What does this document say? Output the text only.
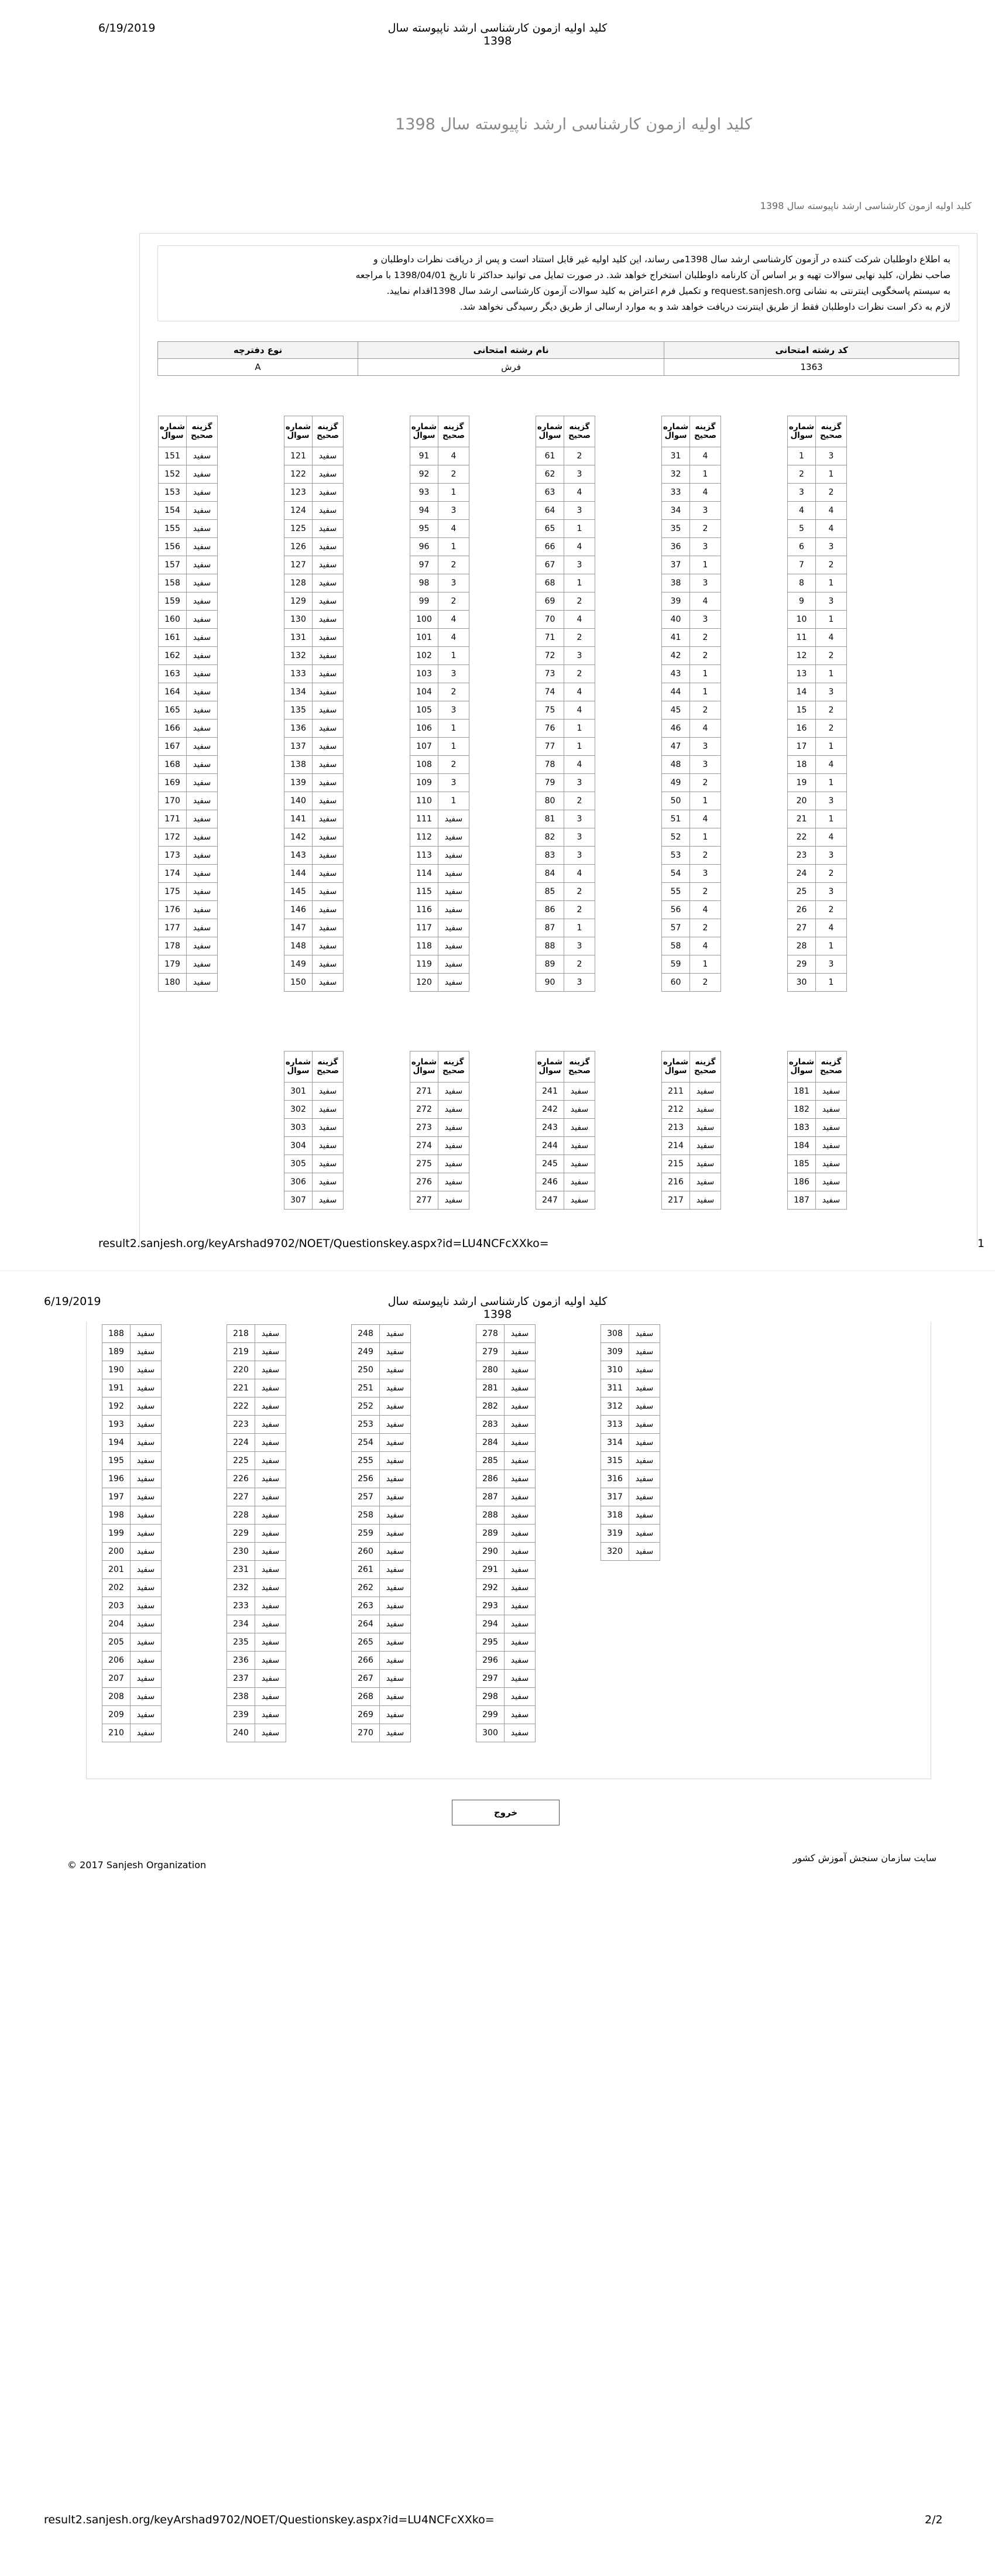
6/19/2019	کلید اولیه ازمون کارشناسی ارشد ناپیوسته سال 1398
کلید اولیه ازمون کارشناسی ارشد ناپیوسته سال 1398
کلید اولیه ازمون کارشناسی ارشد ناپیوسته سال 1398
به اطلاع داوطلبان شرکت کننده در آزمون کارشناسی ارشد سال 1398می رساند، این کلید اولیه غیر قابل استناد است و پس از دریافت نظرات داوطلبان و
صاحب نظران، کلید نهایی سوالات تهیه و بر اساس آن کارنامه داوطلبان استخراج خواهد شد. در صورت تمایل می توانید حداکثر تا تاریخ 1398/04/01 با مراجعه
به سیستم پاسخگویی اینترنتی به نشانی request.sanjesh.org و تکمیل فرم اعتراض به کلید سوالات آزمون کارشناسی ارشد سال 1398اقدام نمایید.
لازم به ذکر است نظرات داوطلبان فقط از طریق اینترنت دریافت خواهد شد و به موارد ارسالی از طریق دیگر رسیدگی نخواهد شد.
کد رشته امتحانی	نام رشته امتحانی	نوع دفترچه
1363	فرش	A
result2.sanjesh.org/keyArshad9702/NOET/Questionskey.aspx?id=LU4NCFcXXko=	1
6/19/2019	کلید اولیه ازمون کارشناسی ارشد ناپیوسته سال 1398
گزینه صحیح	شماره سوال
3	1
1	2
2	3
4	4
4	5
3	6
2	7
1	8
3	9
1	10
4	11
2	12
1	13
3	14
2	15
2	16
1	17
4	18
1	19
3	20
1	21
4	22
3	23
2	24
3	25
2	26
4	27
1	28
3	29
1	30
گزینه صحیح	شماره سوال
4	31
1	32
4	33
3	34
2	35
3	36
1	37
3	38
4	39
3	40
2	41
2	42
1	43
1	44
2	45
4	46
3	47
3	48
2	49
1	50
4	51
1	52
2	53
3	54
2	55
4	56
2	57
4	58
1	59
2	60
گزینه صحیح	شماره سوال
2	61
3	62
4	63
3	64
1	65
4	66
3	67
1	68
2	69
4	70
2	71
3	72
2	73
4	74
4	75
1	76
1	77
4	78
3	79
2	80
3	81
3	82
3	83
4	84
2	85
2	86
1	87
3	88
2	89
3	90
گزینه صحیح	شماره سوال
4	91
2	92
1	93
3	94
4	95
1	96
2	97
3	98
2	99
4	100
4	101
1	102
3	103
2	104
3	105
1	106
1	107
2	108
3	109
1	110
سفید	111
سفید	112
سفید	113
سفید	114
سفید	115
سفید	116
سفید	117
سفید	118
سفید	119
سفید	120
گزینه صحیح	شماره سوال
سفید	121
سفید	122
سفید	123
سفید	124
سفید	125
سفید	126
سفید	127
سفید	128
سفید	129
سفید	130
سفید	131
سفید	132
سفید	133
سفید	134
سفید	135
سفید	136
سفید	137
سفید	138
سفید	139
سفید	140
سفید	141
سفید	142
سفید	143
سفید	144
سفید	145
سفید	146
سفید	147
سفید	148
سفید	149
سفید	150
گزینه صحیح	شماره سوال
سفید	151
سفید	152
سفید	153
سفید	154
سفید	155
سفید	156
سفید	157
سفید	158
سفید	159
سفید	160
سفید	161
سفید	162
سفید	163
سفید	164
سفید	165
سفید	166
سفید	167
سفید	168
سفید	169
سفید	170
سفید	171
سفید	172
سفید	173
سفید	174
سفید	175
سفید	176
سفید	177
سفید	178
سفید	179
سفید	180
گزینه صحیح	شماره سوال
سفید	181
سفید	182
سفید	183
سفید	184
سفید	185
سفید	186
سفید	187
گزینه صحیح	شماره سوال
سفید	211
سفید	212
سفید	213
سفید	214
سفید	215
سفید	216
سفید	217
گزینه صحیح	شماره سوال
سفید	241
سفید	242
سفید	243
سفید	244
سفید	245
سفید	246
سفید	247
گزینه صحیح	شماره سوال
سفید	271
سفید	272
سفید	273
سفید	274
سفید	275
سفید	276
سفید	277
گزینه صحیح	شماره سوال
سفید	301
سفید	302
سفید	303
سفید	304
سفید	305
سفید	306
سفید	307
سفید	188
سفید	189
سفید	190
سفید	191
سفید	192
سفید	193
سفید	194
سفید	195
سفید	196
سفید	197
سفید	198
سفید	199
سفید	200
سفید	201
سفید	202
سفید	203
سفید	204
سفید	205
سفید	206
سفید	207
سفید	208
سفید	209
سفید	210
سفید	218
سفید	219
سفید	220
سفید	221
سفید	222
سفید	223
سفید	224
سفید	225
سفید	226
سفید	227
سفید	228
سفید	229
سفید	230
سفید	231
سفید	232
سفید	233
سفید	234
سفید	235
سفید	236
سفید	237
سفید	238
سفید	239
سفید	240
سفید	248
سفید	249
سفید	250
سفید	251
سفید	252
سفید	253
سفید	254
سفید	255
سفید	256
سفید	257
سفید	258
سفید	259
سفید	260
سفید	261
سفید	262
سفید	263
سفید	264
سفید	265
سفید	266
سفید	267
سفید	268
سفید	269
سفید	270
سفید	278
سفید	279
سفید	280
سفید	281
سفید	282
سفید	283
سفید	284
سفید	285
سفید	286
سفید	287
سفید	288
سفید	289
سفید	290
سفید	291
سفید	292
سفید	293
سفید	294
سفید	295
سفید	296
سفید	297
سفید	298
سفید	299
سفید	300
سفید	308
سفید	309
سفید	310
سفید	311
سفید	312
سفید	313
سفید	314
سفید	315
سفید	316
سفید	317
سفید	318
سفید	319
سفید	320
خروج
© 2017 Sanjesh Organization
سایت سازمان سنجش آموزش کشور
result2.sanjesh.org/keyArshad9702/NOET/Questionskey.aspx?id=LU4NCFcXXko=	2/2
